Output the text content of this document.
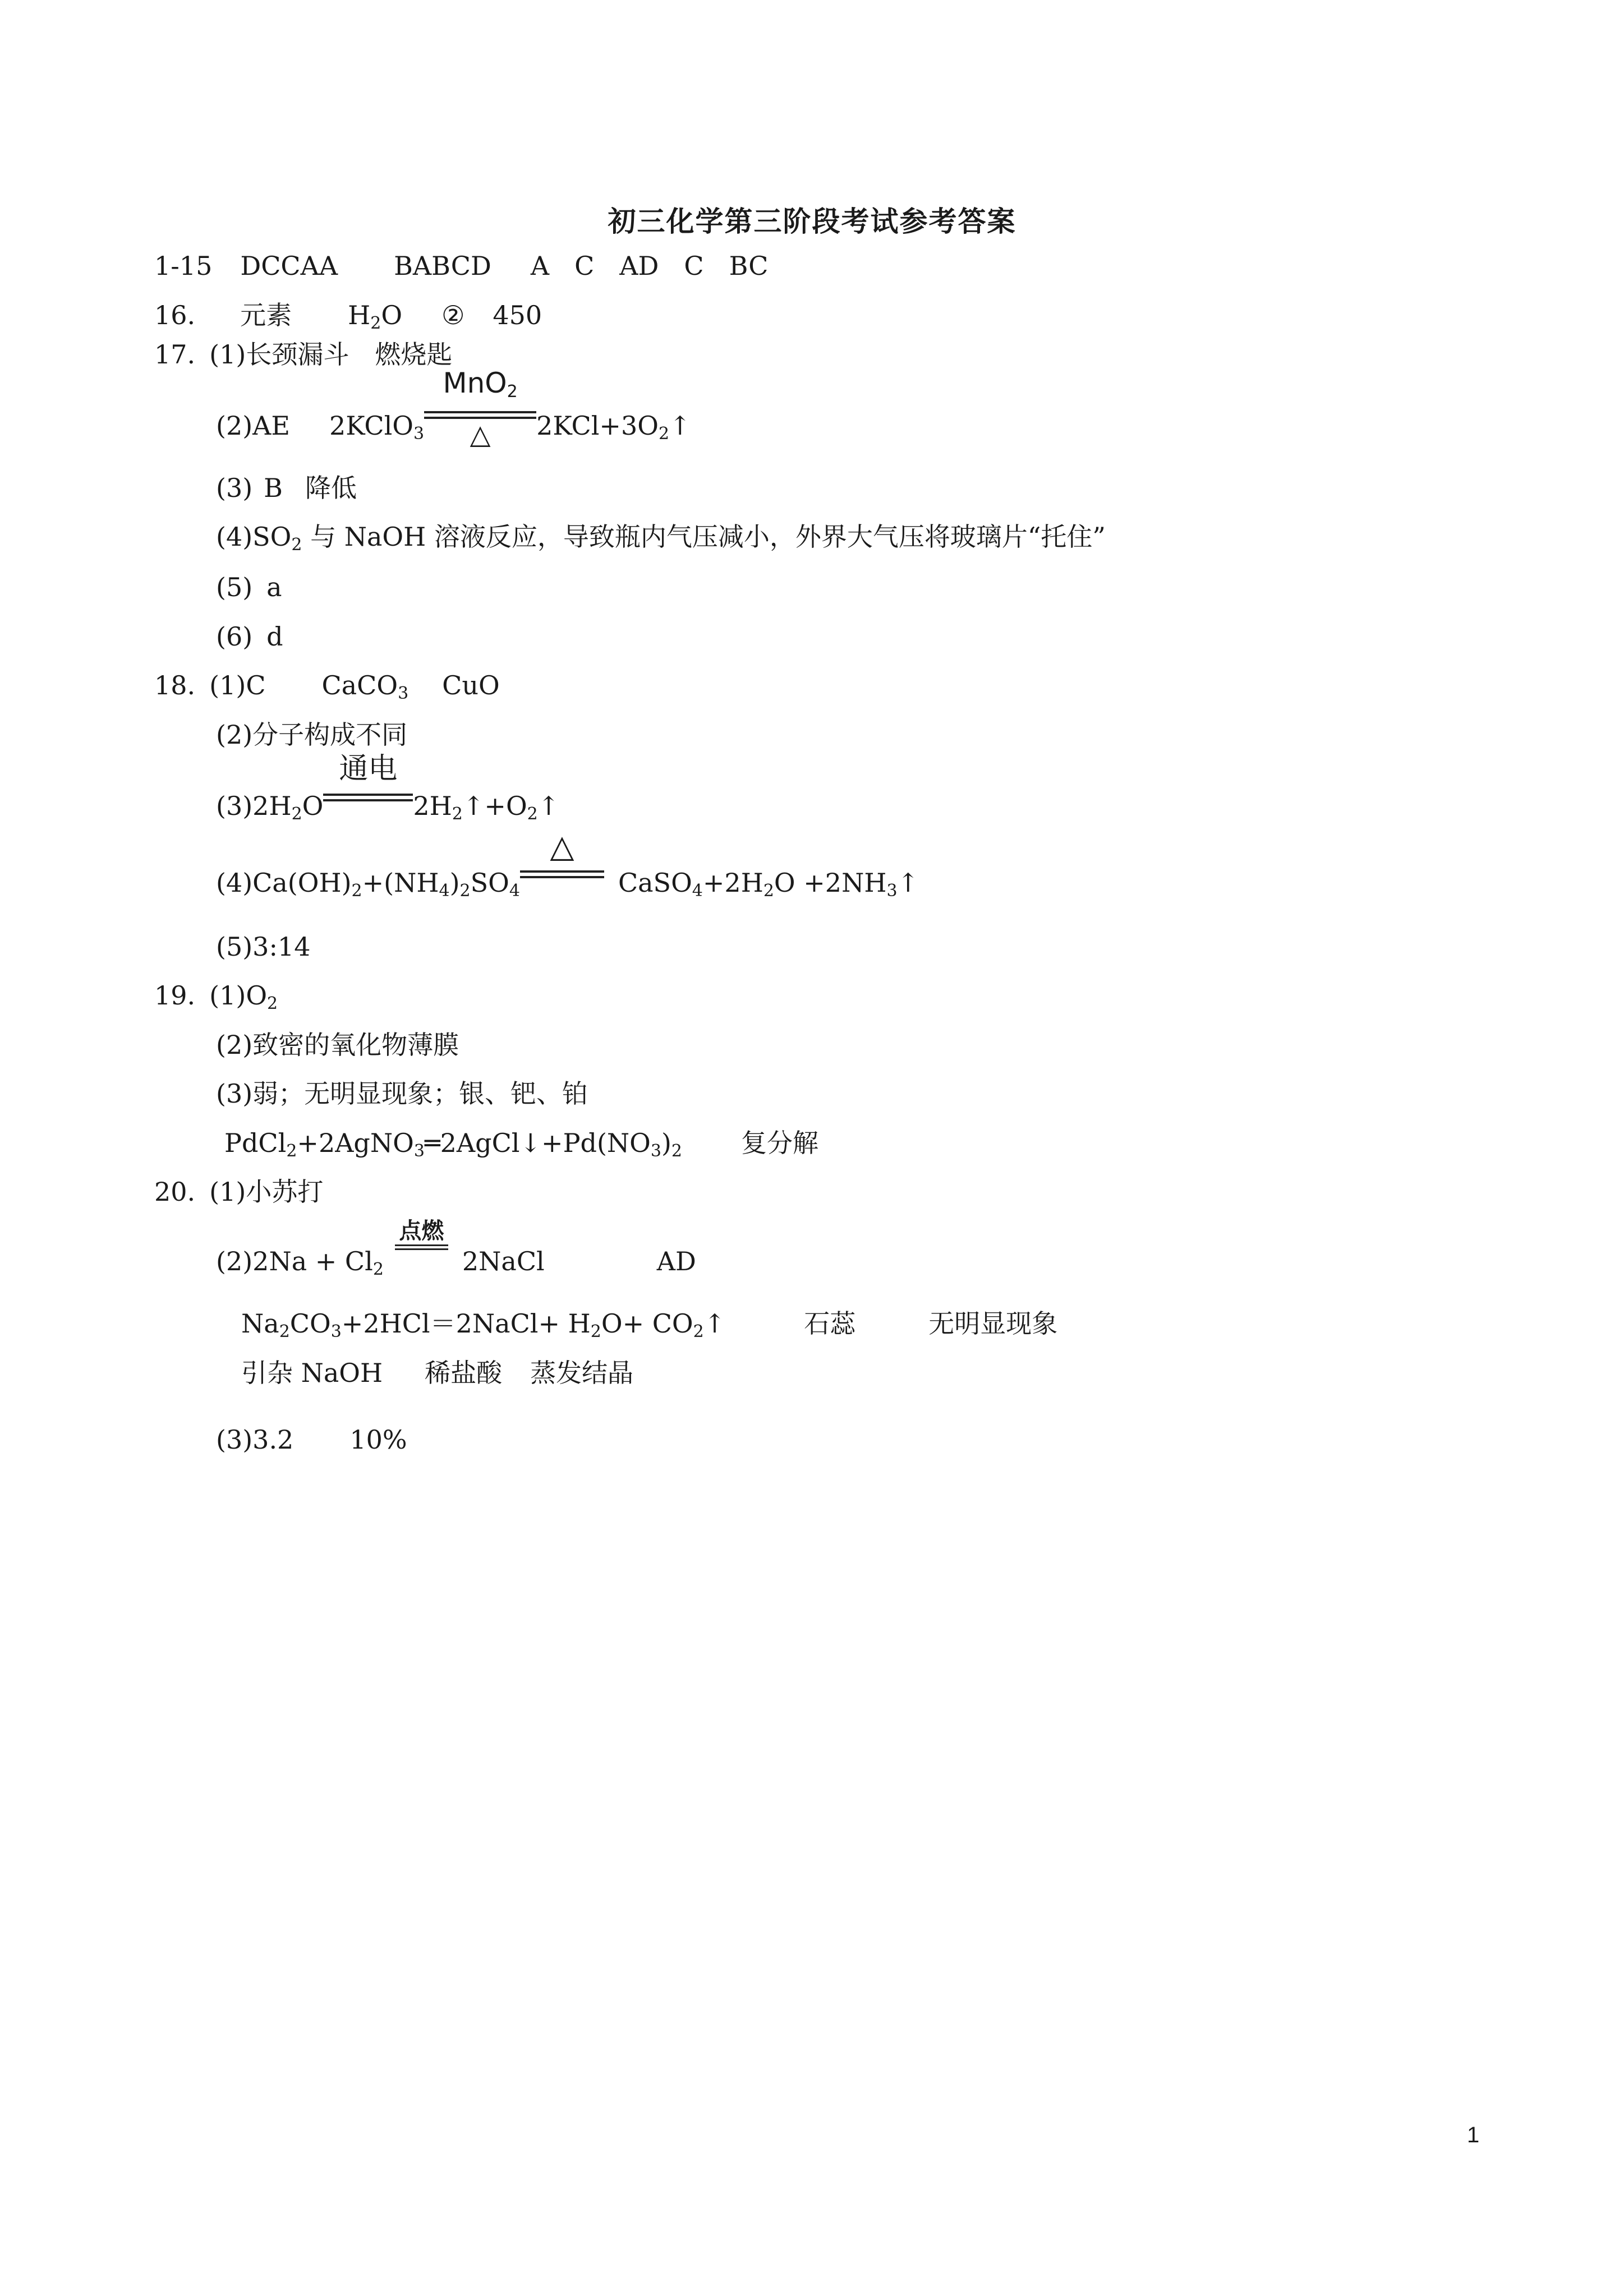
初三化学第三阶段考试参考答案
1-15 DCCAA BABCD A C AD C BC
16. 元素 $H_2O$ ② 450
17. (1)长颈漏斗　燃烧匙
(2)AE 2KClO$_3$
MnO$_2$
△	$2KCl+3O_2↑$
(3) B 降低
$(4)SO_2$ 与 NaOH 溶液反应，导致瓶内气压减小，外界大气压将玻璃片“托住”
(5) a
(6) d
18. (1)C CaCO$_3$ CuO
(2)分子构成不同
$(3)2H_2O$
通电
$2H_2↑+O_2↑$
$(4)Ca(OH)_2+(NH_4)_2SO_4$
△
$CaSO_4+2H_2O$ $+2NH_3↑$
(5)3:14
19. $(1)O_2$
(2)致密的氧化物薄膜
(3)弱；无明显现象；银、钯、铂
$PdCl_2+2AgNO_3═2AgCl↓+Pd(NO_3)_2$ 复分解
20. (1)小苏打
$(2)2Na + Cl_2$
点燃
2NaCl	AD
$Na_2CO_3+2HCl=2NaCl+ H_2O+$ $CO_2↑$	石蕊	无明显现象
引杂 NaOH 稀盐酸 蒸发结晶
(3)3.2 10%
1
